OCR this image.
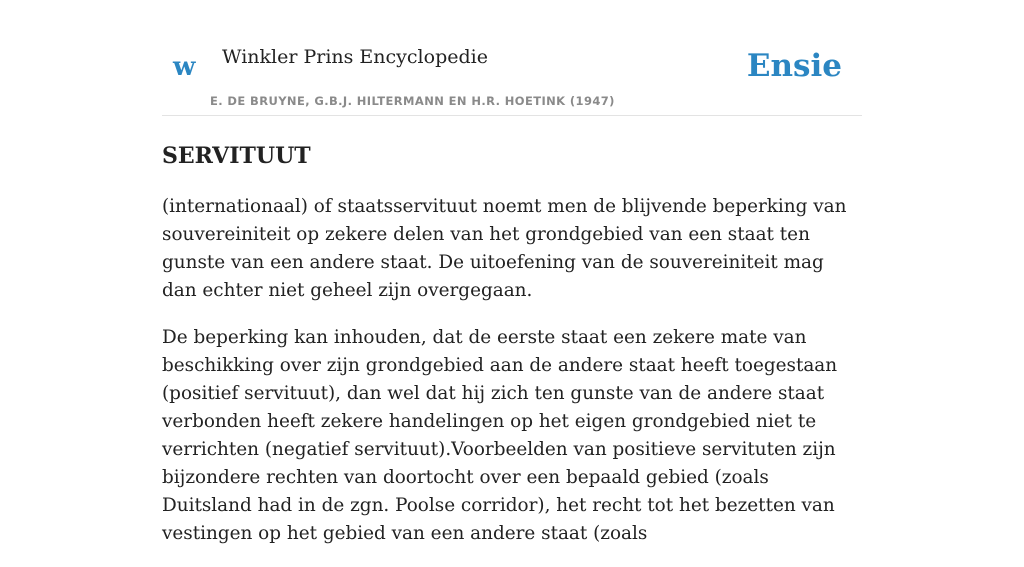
w Winkler Prins Encyclopedie
E. DE BRUYNE, G.B.J. HILTERMANN EN H.R. HOETINK (1947)
Ensie
SERVITUUT

(internationaal) of staatsservituut noemt men de blijvende beperking van souvereiniteit op zekere delen van het grondgebied van een staat ten gunste van een andere staat. De uitoefening van de souvereiniteit mag dan echter niet geheel zijn overgegaan.

De beperking kan inhouden, dat de eerste staat een zekere mate van beschikking over zijn grondgebied aan de andere staat heeft toegestaan (positief servituut), dan wel dat hij zich ten gunste van de andere staat verbonden heeft zekere handelingen op het eigen grondgebied niet te verrichten (negatief servituut).Voorbeelden van positieve servituten zijn bijzondere rechten van doortocht over een bepaald gebied (zoals Duitsland had in de zgn. Poolse corridor), het recht tot het bezetten van vestingen op het gebied van een andere staat (zoals
